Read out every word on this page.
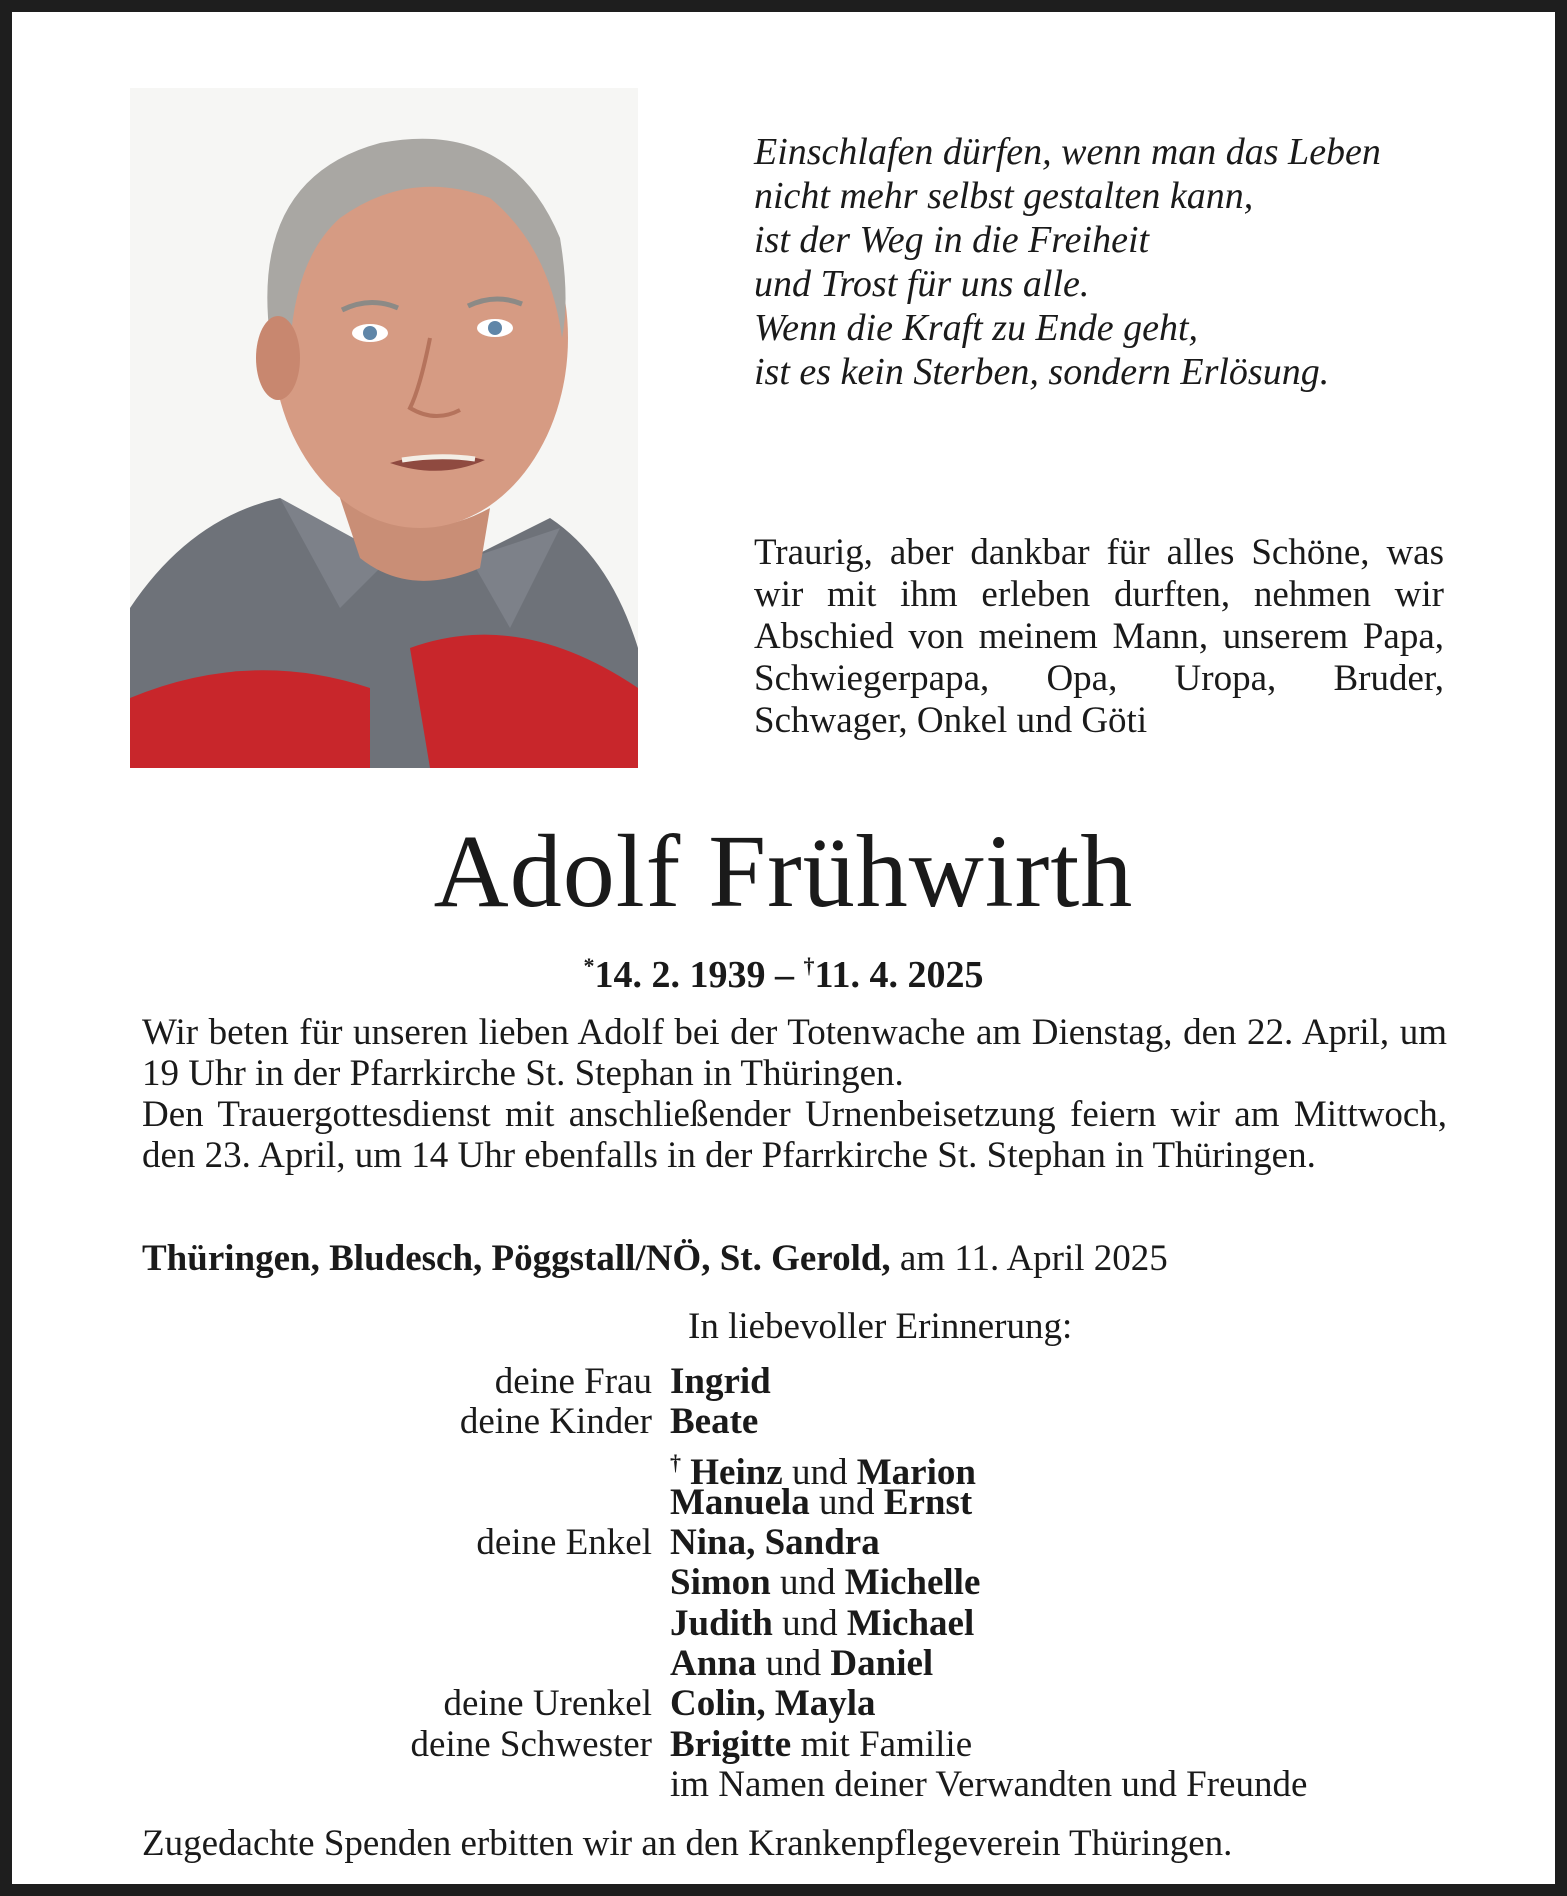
Einschlafen dürfen, wenn man das Leben
nicht mehr selbst gestalten kann,
ist der Weg in die Freiheit
und Trost für uns alle.
Wenn die Kraft zu Ende geht,
ist es kein Sterben, sondern Erlösung.
Traurig, aber dankbar für alles Schöne, was wir mit ihm erleben durften, nehmen wir Abschied von meinem Mann, unserem Papa, Schwiegerpapa, Opa, Uropa, Bruder, Schwager, Onkel und Göti
Adolf Frühwirth
*14. 2. 1939 – †11. 4. 2025

Wir beten für unseren lieben Adolf bei der Totenwache am Dienstag, den 22. April, um 19 Uhr in der Pfarrkirche St. Stephan in Thüringen.

Den Trauergottesdienst mit anschließender Urnenbeisetzung feiern wir am Mittwoch, den 23. April, um 14 Uhr ebenfalls in der Pfarrkirche St. Stephan in Thüringen.

Thüringen, Bludesch, Pöggstall/NÖ, St. Gerold, am 11. April 2025
In liebevoller Erinnerung:
deine Frau Ingrid
deine Kinder Beate
† Heinz und Marion
Manuela und Ernst
deine Enkel Nina, Sandra
Simon und Michelle
Judith und Michael
Anna und Daniel
deine Urenkel Colin, Mayla
deine Schwester Brigitte mit Familie
im Namen deiner Verwandten und Freunde
Zugedachte Spenden erbitten wir an den Krankenpflegeverein Thüringen.
